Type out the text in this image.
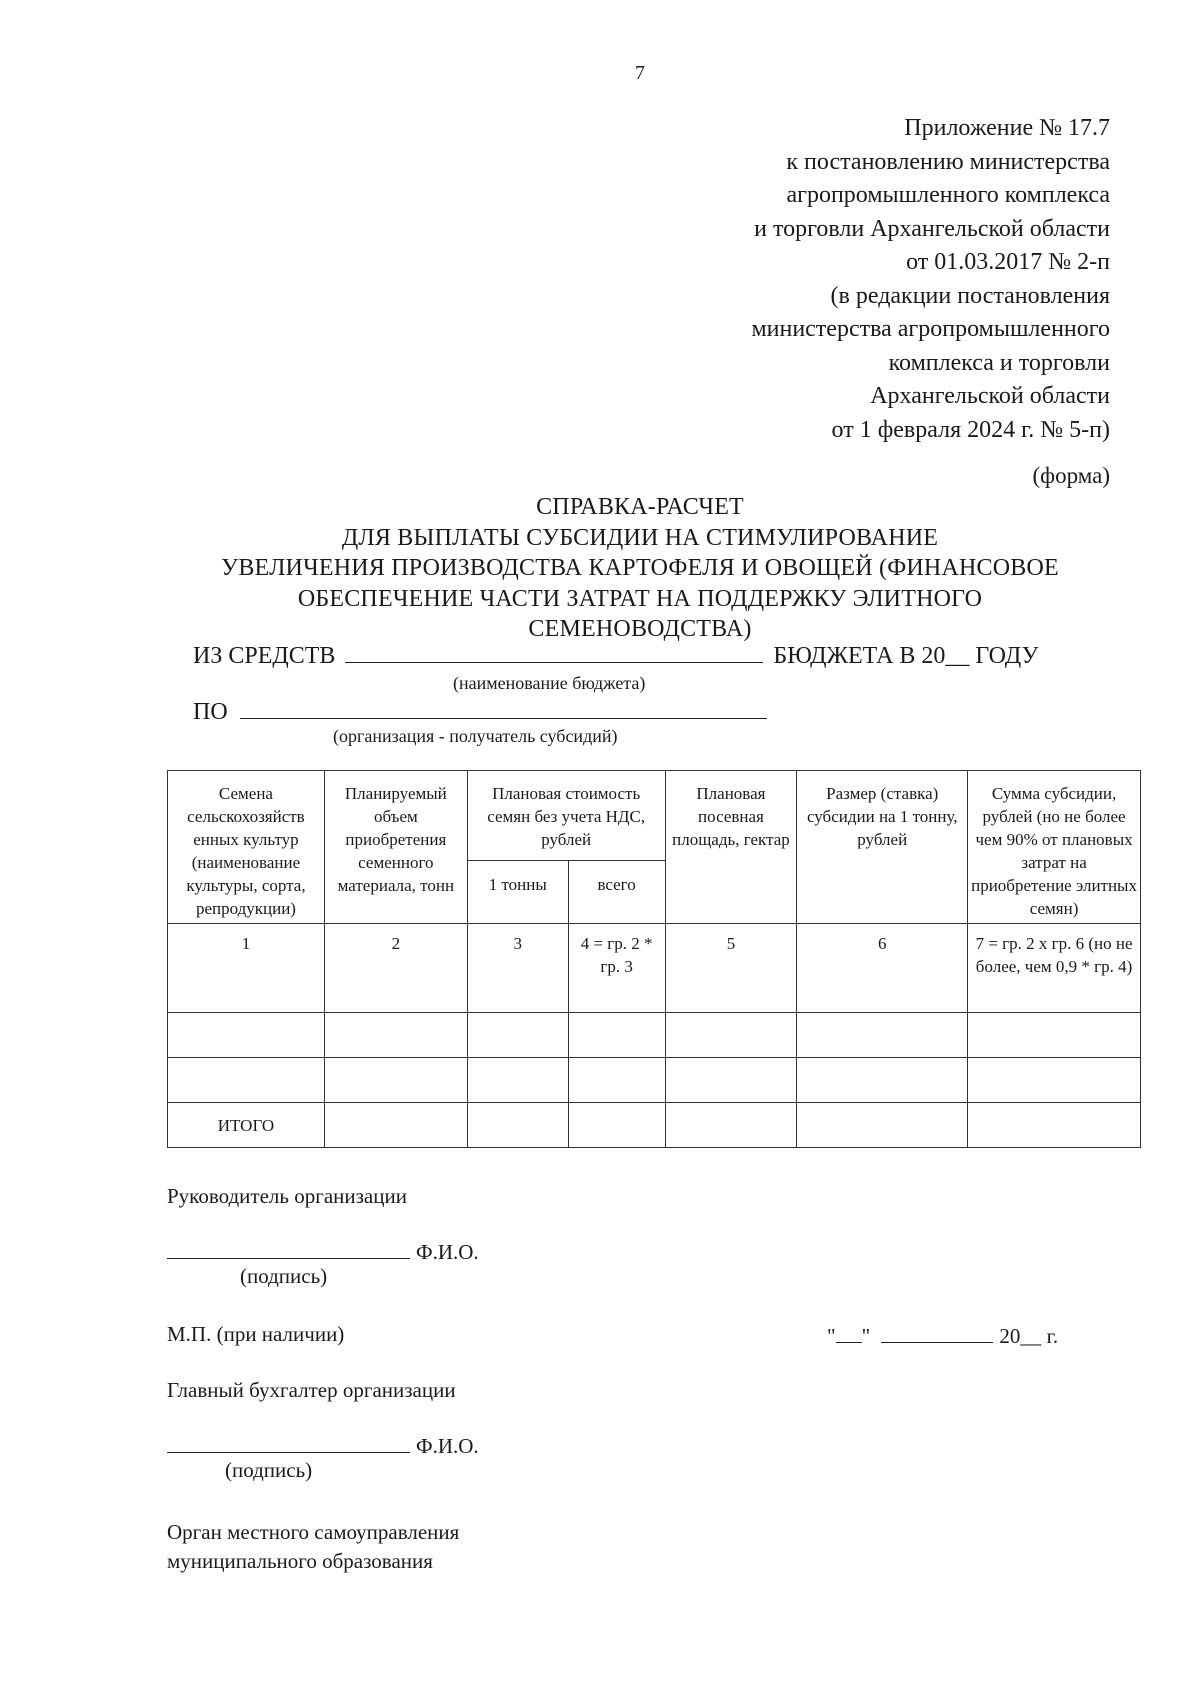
7
Приложение № 17.7
к постановлению министерства
агропромышленного комплекса
и торговли Архангельской области
от 01.03.2017 № 2-п
(в редакции постановления
министерства агропромышленного
комплекса и торговли
Архангельской области
от 1 февраля 2024 г. № 5-п)
(форма)
СПРАВКА-РАСЧЕТ
ДЛЯ ВЫПЛАТЫ СУБСИДИИ НА СТИМУЛИРОВАНИЕ
УВЕЛИЧЕНИЯ ПРОИЗВОДСТВА КАРТОФЕЛЯ И ОВОЩЕЙ (ФИНАНСОВОЕ
ОБЕСПЕЧЕНИЕ ЧАСТИ ЗАТРАТ НА ПОДДЕРЖКУ ЭЛИТНОГО
СЕМЕНОВОДСТВА)
ИЗ СРЕДСТВ	БЮДЖЕТА В 20__ ГОДУ
(наименование бюджета)
ПО
(организация - получатель субсидий)
Семена сельскохозяйств енных культур (наименование культуры, сорта, репродукции)	Планируемый объем приобретения семенного материала, тонн	Плановая стоимость семян без учета НДС, рублей		Плановая посевная площадь, гектар	Размер (ставка) субсидии на 1 тонну, рублей	Сумма субсидии, рублей (но не более чем 90% от плановых затрат на приобретение элитных семян)
		1 тонны	всего			
1	2	3	4 = гр. 2 * гр. 3	5	6	7 = гр. 2 х гр. 6 (но не более, чем 0,9 * гр. 4)

ИТОГО						
Руководитель организации
Ф.И.О.
(подпись)
М.П. (при наличии)	" "	20__ г.
Главный бухгалтер организации
Ф.И.О.
(подпись)
Орган местного самоуправления
муниципального образования
